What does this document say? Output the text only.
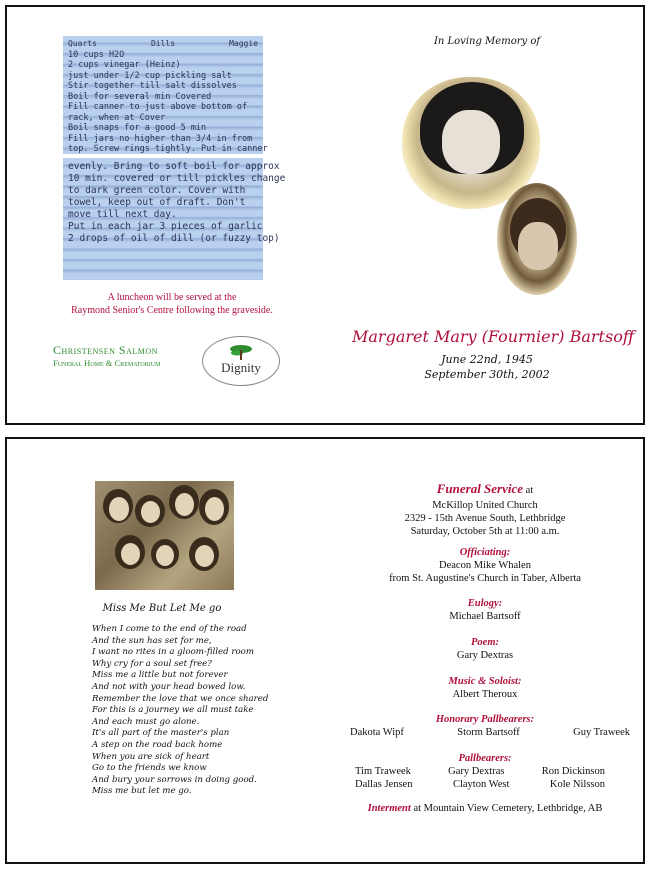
Quarts	Dills	Maggie
10 cups H2O
2 cups vinegar (Heinz)
just under 1/2 cup pickling salt
Stir together till salt dissolves
Boil for several min Covered
Fill canner to just above bottom of
rack, when at Cover
Boil snaps for a good 5 min
Fill jars no higher than 3/4 in from
top. Screw rings tightly. Put in canner
evenly. Bring to soft boil for approx
10 min. covered or till pickles change
to dark green color. Cover with
towel, keep out of draft. Don't
move till next day.
Put in each jar 3 pieces of garlic
2 drops of oil of dill (or fuzzy top)
A luncheon will be served at the
Raymond Senior's Centre following the graveside.
Christensen Salmon
Funeral Home & Crematorium	Dignity
In Loving Memory of
Margaret Mary (Fournier) Bartsoff
June 22nd, 1945
September 30th, 2002
Miss Me But Let Me go
When I come to the end of the road
And the sun has set for me,
I want no rites in a gloom-filled room
Why cry for a soul set free?
Miss me a little but not forever
And not with your head bowed low.
Remember the love that we once shared
For this is a journey we all must take
And each must go alone.
It's all part of the master's plan
A step on the road back home
When you are sick of heart
Go to the friends we know
And bury your sorrows in doing good.
Miss me but let me go.
Funeral Service at
McKillop United Church
2329 - 15th Avenue South, Lethbridge
Saturday, October 5th at 11:00 a.m.
Officiating:
Deacon Mike Whalen
from St. Augustine's Church in Taber, Alberta
Eulogy:
Michael Bartsoff
Poem:
Gary Dextras
Music & Soloist:
Albert Theroux
Honorary Pallbearers:
Dakota Wipf	Storm Bartsoff	Guy Traweek
Pallbearers:
Tim Traweek	Gary Dextras	Ron Dickinson
Dallas Jensen	Clayton West	Kole Nilsson
Interment at Mountain View Cemetery, Lethbridge, AB
